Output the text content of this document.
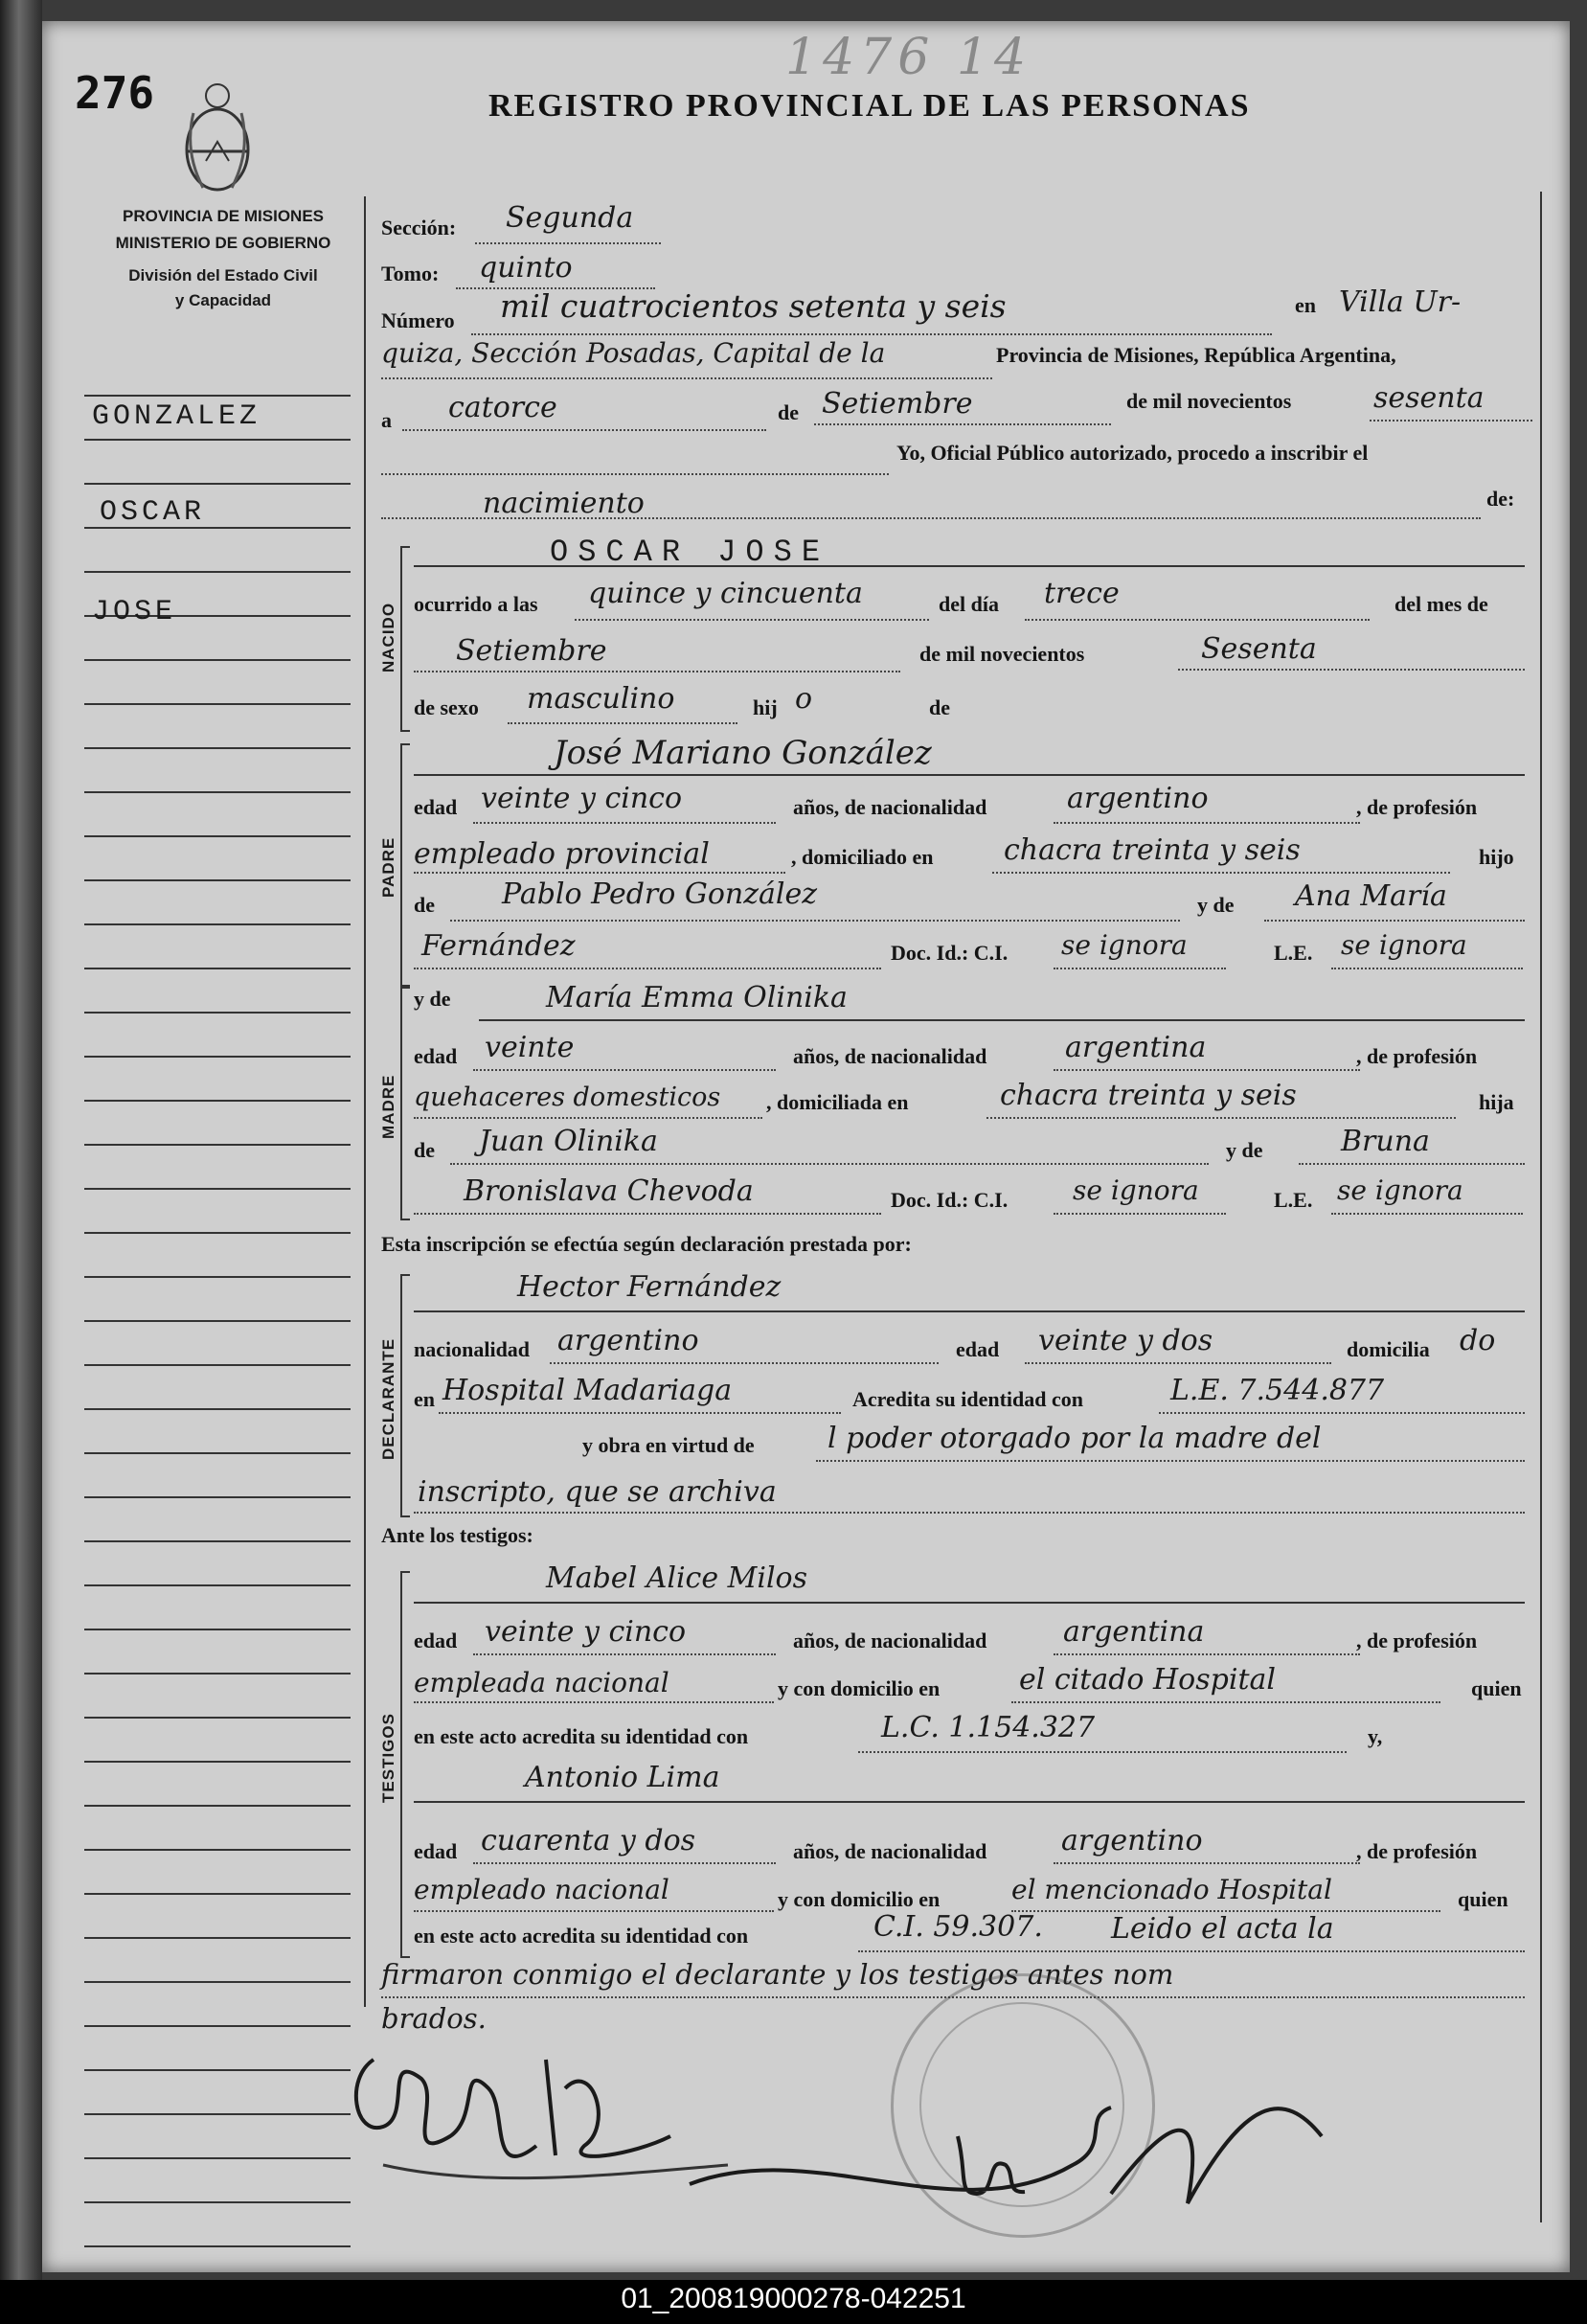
276
1476 14
REGISTRO PROVINCIAL DE LAS PERSONAS
PROVINCIA DE MISIONES
MINISTERIO DE GOBIERNO
División del Estado Civil
y Capacidad
GONZALEZ
OSCAR
JOSE
Sección: Segunda
Tomo: quinto
Número mil cuatrocientos setenta y seis	en Villa Ur-
quiza, Sección Posadas, Capital de la	Provincia de Misiones, República Argentina,
a catorce	de Setiembre	de mil novecientos	sesenta
Yo, Oficial Público autorizado, procedo a inscribir el
nacimiento	de:
NACIDO
OSCAR JOSE
ocurrido a las quince y cincuenta	del día trece	del mes de
Setiembre	de mil novecientos	Sesenta
de sexo masculino	hij o	de
PADRE
José Mariano González
edad veinte y cinco	años, de nacionalidad	argentino	, de profesión
empleado provincial	, domiciliado en chacra treinta y seis	hijo
de Pablo Pedro González	y de Ana María
Fernández	Doc. Id.: C.I. se ignora	L.E. se ignora
MADRE
y de	María Emma Olinika
edad veinte	años, de nacionalidad	argentina	, de profesión
quehaceres domesticos , domiciliada en	chacra treinta y seis	hija
de Juan Olinika	y de	Bruna
Bronislava Chevoda	Doc. Id.: C.I. se ignora	L.E. se ignora
Esta inscripción se efectúa según declaración prestada por:
DECLARANTE
Hector Fernández
nacionalidad argentino	edad veinte y dos	domicilia do
en Hospital Madariaga	Acredita su identidad con	L.E. 7.544.877
y obra en virtud de	l poder otorgado por la madre del
inscripto, que se archiva
Ante los testigos:
TESTIGOS
Mabel Alice Milos
edad veinte y cinco	años, de nacionalidad	argentina	, de profesión
empleada nacional	y con domicilio en	el citado Hospital	quien
en este acto acredita su identidad con	L.C. 1.154.327	y,
Antonio Lima
edad cuarenta y dos	años, de nacionalidad	argentino	, de profesión
empleado nacional	y con domicilio en	el mencionado Hospital	quien
en este acto acredita su identidad con	C.I. 59.307. Leido el acta la
firmaron conmigo el declarante y los testigos antes nom
brados.
01_200819000278-042251
